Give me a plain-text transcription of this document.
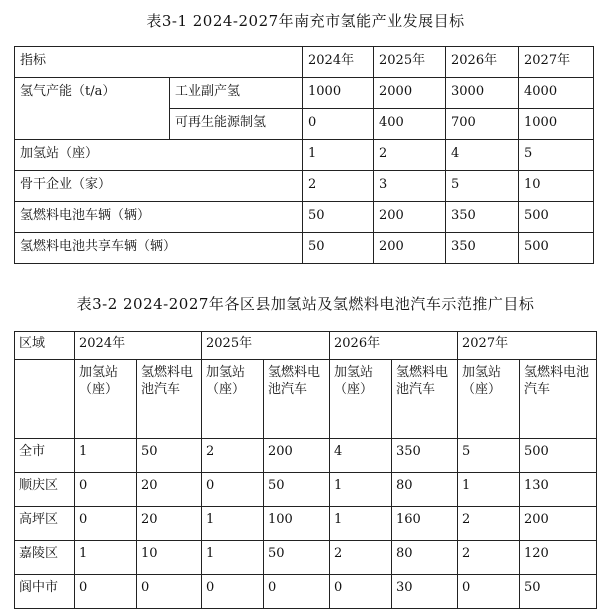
表3-1 2024-2027年南充市氢能产业发展目标
指标		2024年	2025年	2026年	2027年
氢气产能（t/a）	工业副产氢	1000	2000	3000	4000
	可再生能源制氢	0	400	700	1000
加氢站（座）		1	2	4	5
骨干企业（家）		2	3	5	10
氢燃料电池车辆（辆）		50	200	350	500
氢燃料电池共享车辆（辆）		50	200	350	500
表3-2 2024-2027年各区县加氢站及氢燃料电池汽车示范推广目标
区域	2024年		2025年		2026年		2027年	
	加氢站（座）	氢燃料电池汽车	加氢站（座）	氢燃料电池汽车	加氢站（座）	氢燃料电池汽车	加氢站（座）	氢燃料电池汽车
全市	1	50	2	200	4	350	5	500
顺庆区	0	20	0	50	1	80	1	130
高坪区	0	20	1	100	1	160	2	200
嘉陵区	1	10	1	50	2	80	2	120
阆中市	0	0	0	0	0	30	0	50
